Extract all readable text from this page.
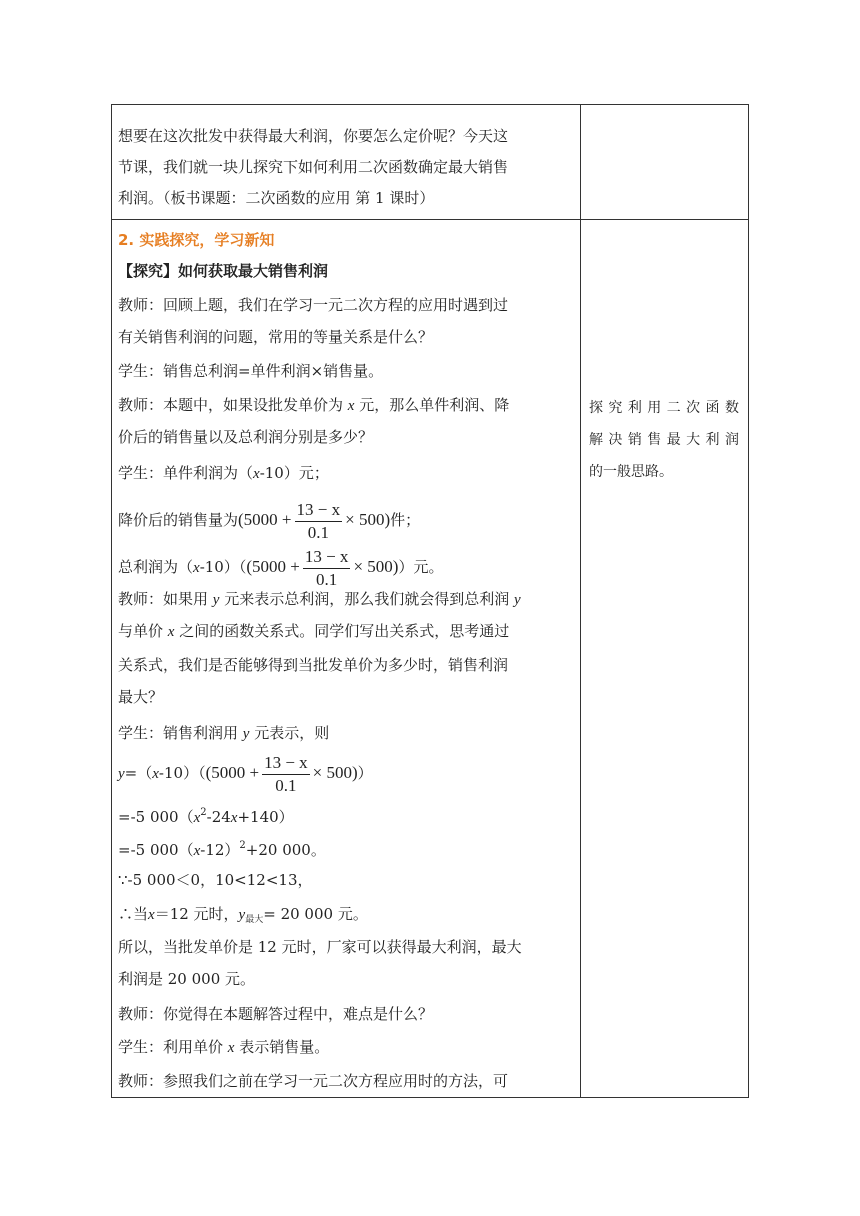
想要在这次批发中获得最大利润，你要怎么定价呢？今天这
节课，我们就一块儿探究下如何利用二次函数确定最大销售
利润。（板书课题：二次函数的应用 第 1 课时）
2. 实践探究，学习新知
【探究】如何获取最大销售利润
教师：回顾上题，我们在学习一元二次方程的应用时遇到过
有关销售利润的问题，常用的等量关系是什么？
学生：销售总利润=单件利润×销售量。
教师：本题中，如果设批发单价为 x 元，那么单件利润、降
价后的销售量以及总利润分别是多少？
学生：单件利润为（x-10）元；
降价后的销售量为$(5000 + \frac{13 - x}{0.1} \times 500)$件；
总利润为$(x-10)((5000 + \frac{13 - x}{0.1} \times 500))$元。
教师：如果用 y 元来表示总利润，那么我们就会得到总利润 y
与单价 x 之间的函数关系式。同学们写出关系式，思考通过
关系式，我们是否能够得到当批发单价为多少时，销售利润
最大？
学生：销售利润用 y 元表示，则
$y=(x-10)((5000 + \frac{13 - x}{0.1} \times 500))$
=-5 $000(x^2-24x+140)$
=-5 $000(x-12)^2+20$ 000。
∵-5 000＜0，10<12<13，
∴当x＝12 元时，$y_{最大}= 20$ 000 元。
所以，当批发单价是 12 元时，厂家可以获得最大利润，最大
利润是 20 000 元。
教师：你觉得在本题解答过程中，难点是什么？
学生：利用单价 x 表示销售量。
教师：参照我们之前在学习一元二次方程应用时的方法，可
探 究 利 用 二 次 函 数
解 决 销 售 最 大 利 润
的一般思路。
